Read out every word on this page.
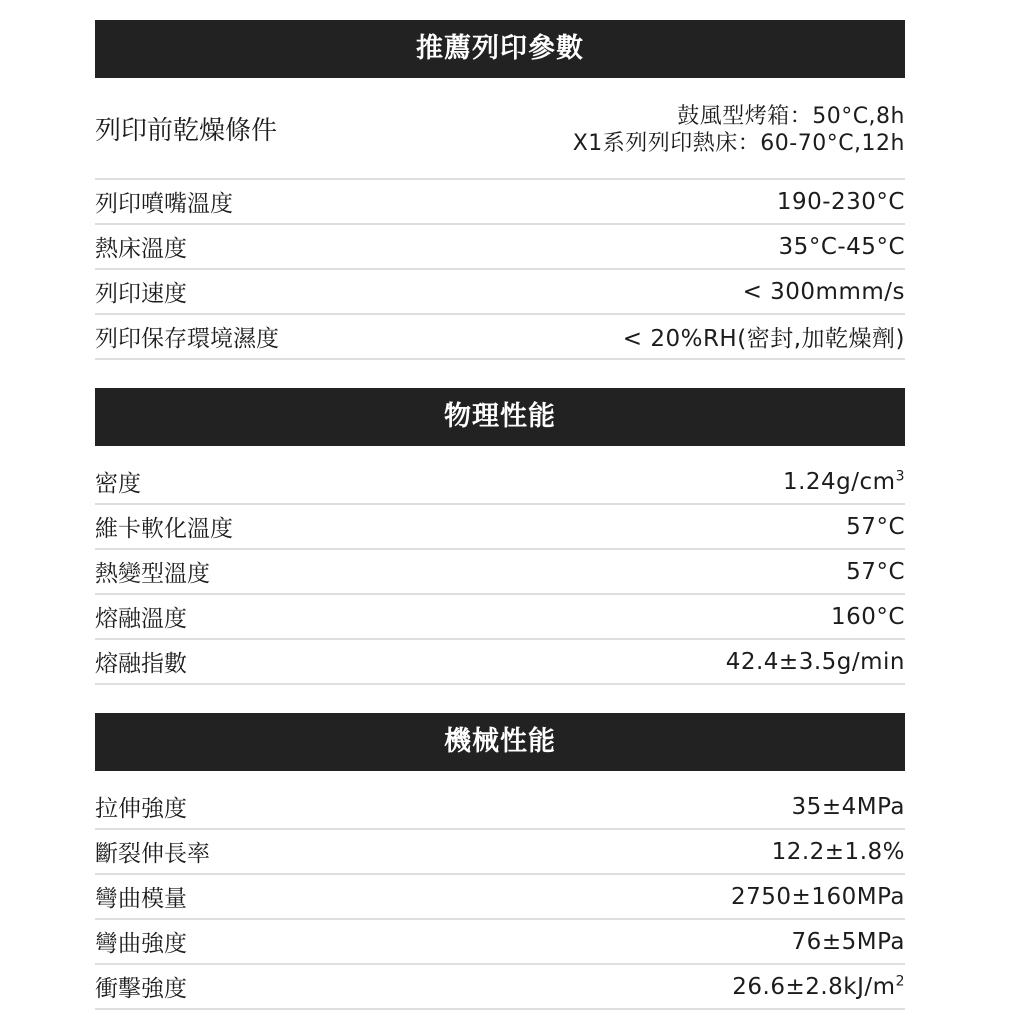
推薦列印參數
列印前乾燥條件	鼓風型烤箱：50°C,8h
X1系列列印熱床：60-70°C,12h
列印噴嘴溫度	190-230°C
熱床溫度	35°C-45°C
列印速度	< 300mmm/s
列印保存環境濕度	< 20%RH(密封,加乾燥劑)
物理性能
密度	$1.24g/cm^3$
維卡軟化溫度	57°C
熱變型溫度	57°C
熔融溫度	160°C
熔融指數	42.4±3.5g/min
機械性能
拉伸強度	35±4MPa
斷裂伸長率	12.2±1.8%
彎曲模量	2750±160MPa
彎曲強度	76±5MPa
衝擊強度	$26.6\pm 2.8kJ/m^2$
